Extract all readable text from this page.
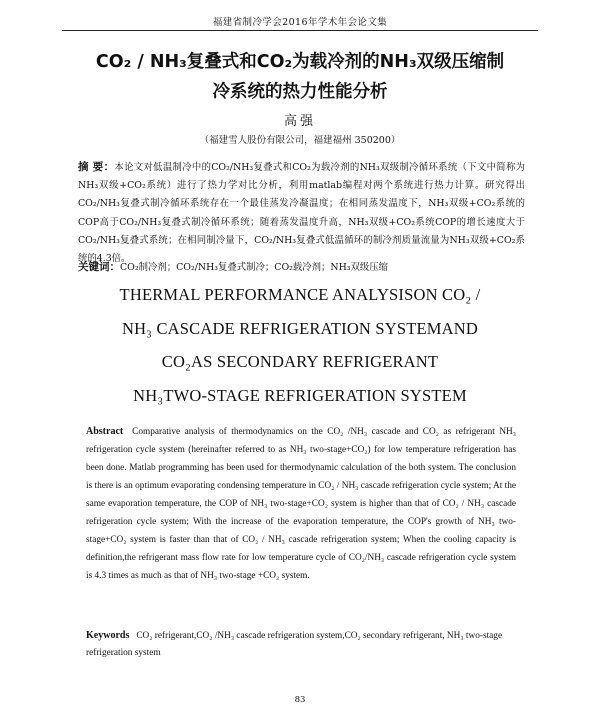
福建省制冷学会2016年学术年会论文集
CO₂ / NH₃复叠式和CO₂为载冷剂的NH₃双级压缩制
冷系统的热力性能分析
高强
（福建雪人股份有限公司，福建福州 350200）
摘 要：本论文对低温制冷中的CO₂/NH₃复叠式和CO₂为载冷剂的NH₃双级制冷循环系统（下文中简称为NH₃双级+CO₂系统）进行了热力学对比分析，利用matlab编程对两个系统进行热力计算。研究得出CO₂/NH₃复叠式制冷循环系统存在一个最佳蒸发冷凝温度；在相同蒸发温度下，NH₃双级+CO₂系统的COP高于CO₂/NH₃复叠式制冷循环系统；随着蒸发温度升高，NH₃双级+CO₂系统COP的增长速度大于CO₂/NH₃复叠式系统；在相同制冷量下，CO₂/NH₃复叠式低温循环的制冷剂质量流量为NH₃双级+CO₂系统的4.3倍。
关键词：CO₂制冷剂；CO₂/NH₃复叠式制冷；CO₂载冷剂；NH₃双级压缩
THERMAL PERFORMANCE ANALYSISON CO₂ /
NH₃ CASCADE REFRIGERATION SYSTEMAND
CO₂AS SECONDARY REFRIGERANT
NH₃TWO-STAGE REFRIGERATION SYSTEM
Abstract Comparative analysis of thermodynamics on the CO₂ /NH₃ cascade and CO₂ as refrigerant NH₃ refrigeration cycle system (hereinafter referred to as NH₃ two-stage+CO₂) for low temperature refrigeration has been done. Matlab programming has been used for thermodynamic calculation of the both system. The conclusion is there is an optimum evaporating condensing temperature in CO₂ / NH₃ cascade refrigeration cycle system; At the same evaporation temperature, the COP of NH₃ two-stage+CO₂ system is higher than that of CO₂ / NH₃ cascade refrigeration cycle system; With the increase of the evaporation temperature, the COP's growth of NH₃ two-stage+CO₂ system is faster than that of CO₂ / NH₃ cascade refrigeration system; When the cooling capacity is definition,the refrigerant mass flow rate for low temperature cycle of CO₂/NH₃ cascade refrigeration cycle system is 4.3 times as much as that of NH₃ two-stage +CO₂ system.
Keywords CO₂ refrigerant,CO₂ /NH₃ cascade refrigeration system,CO₂ secondary refrigerant, NH₃ two-stage refrigeration system
83
